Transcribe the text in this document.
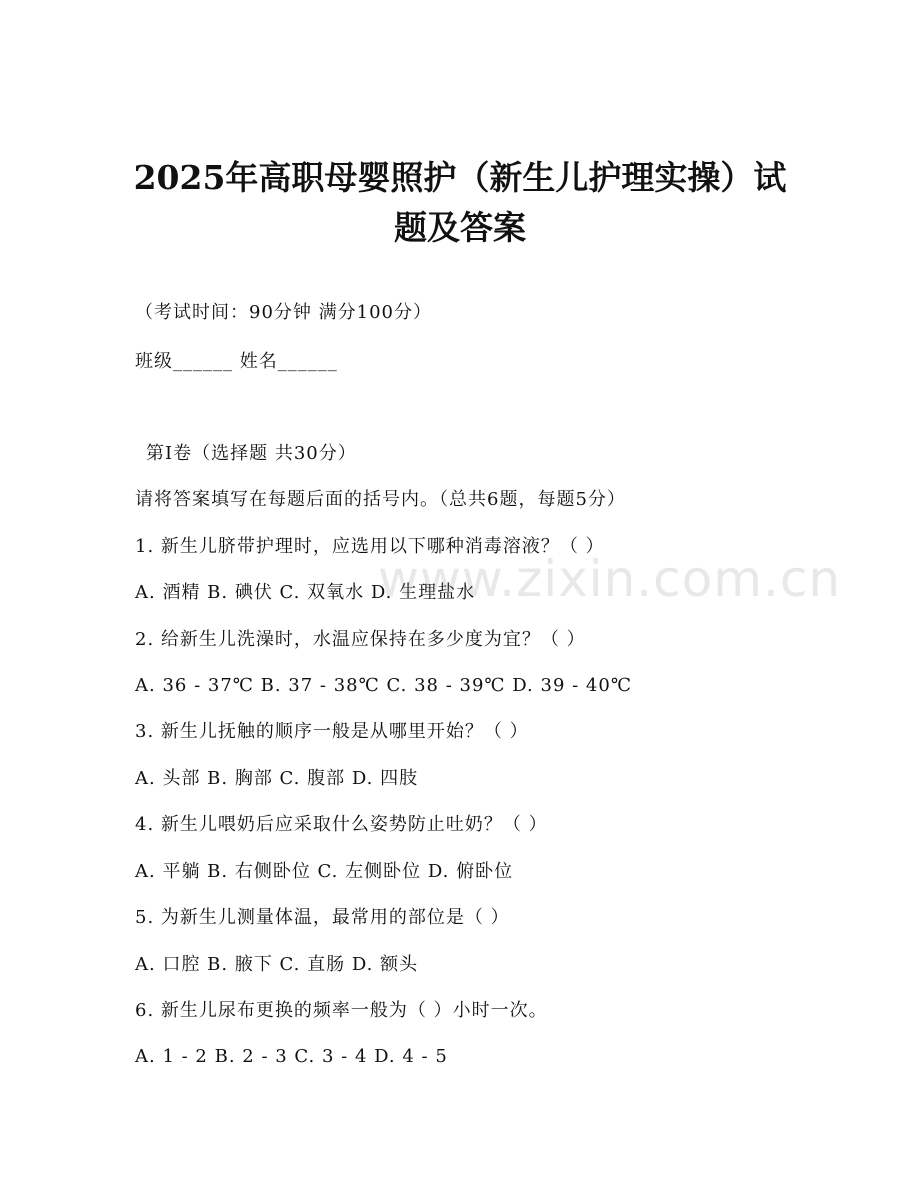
2025年高职母婴照护（新生儿护理实操）试
题及答案
（考试时间：90分钟 满分100分）
班级______ 姓名______
第Ⅰ卷（选择题 共30分）
请将答案填写在每题后面的括号内。（总共6题，每题5分）
1. 新生儿脐带护理时，应选用以下哪种消毒溶液？（ ）
A. 酒精 B. 碘伏 C. 双氧水 D. 生理盐水
2. 给新生儿洗澡时，水温应保持在多少度为宜？（ ）
A. 36 - 37℃ B. 37 - 38℃ C. 38 - 39℃ D. 39 - 40℃
3. 新生儿抚触的顺序一般是从哪里开始？（ ）
A. 头部 B. 胸部 C. 腹部 D. 四肢
4. 新生儿喂奶后应采取什么姿势防止吐奶？（ ）
A. 平躺 B. 右侧卧位 C. 左侧卧位 D. 俯卧位
5. 为新生儿测量体温，最常用的部位是（ ）
A. 口腔 B. 腋下 C. 直肠 D. 额头
6. 新生儿尿布更换的频率一般为（ ）小时一次。
A. 1 - 2 B. 2 - 3 C. 3 - 4 D. 4 - 5
www.zixin.com.cn
